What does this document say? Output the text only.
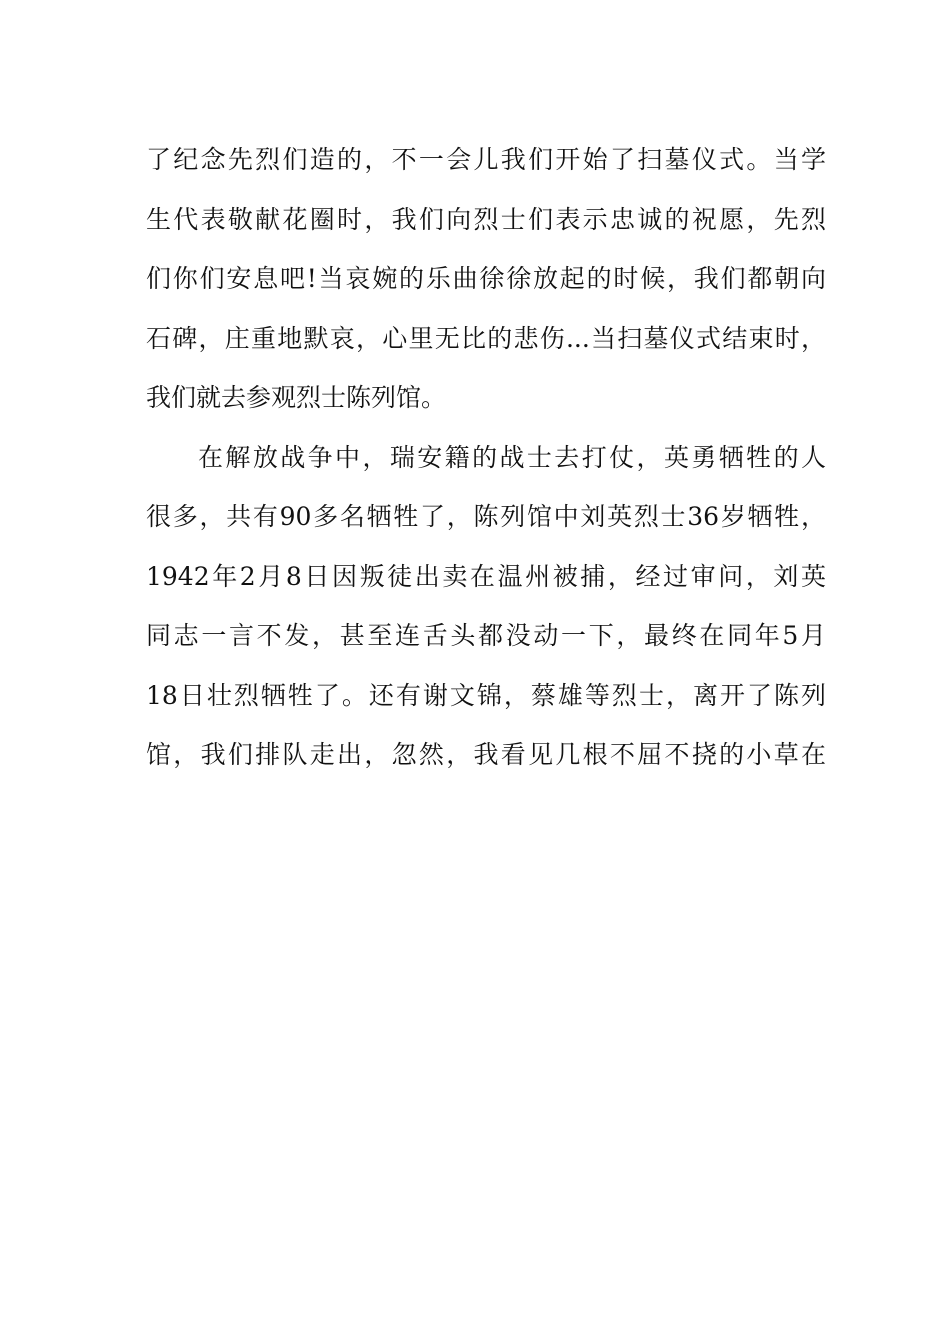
了纪念先烈们造的，不一会儿我们开始了扫墓仪式。当学
生代表敬献花圈时，我们向烈士们表示忠诚的祝愿，先烈
们你们安息吧!当哀婉的乐曲徐徐放起的时候，我们都朝向
石碑，庄重地默哀，心里无比的悲伤...当扫墓仪式结束时，
我们就去参观烈士陈列馆。
在解放战争中，瑞安籍的战士去打仗，英勇牺牲的人
很多，共有90多名牺牲了，陈列馆中刘英烈士36岁牺牲，
1942年2月8日因叛徒出卖在温州被捕，经过审问，刘英
同志一言不发，甚至连舌头都没动一下，最终在同年5月
18日壮烈牺牲了。还有谢文锦，蔡雄等烈士，离开了陈列
馆，我们排队走出，忽然，我看见几根不屈不挠的小草在
